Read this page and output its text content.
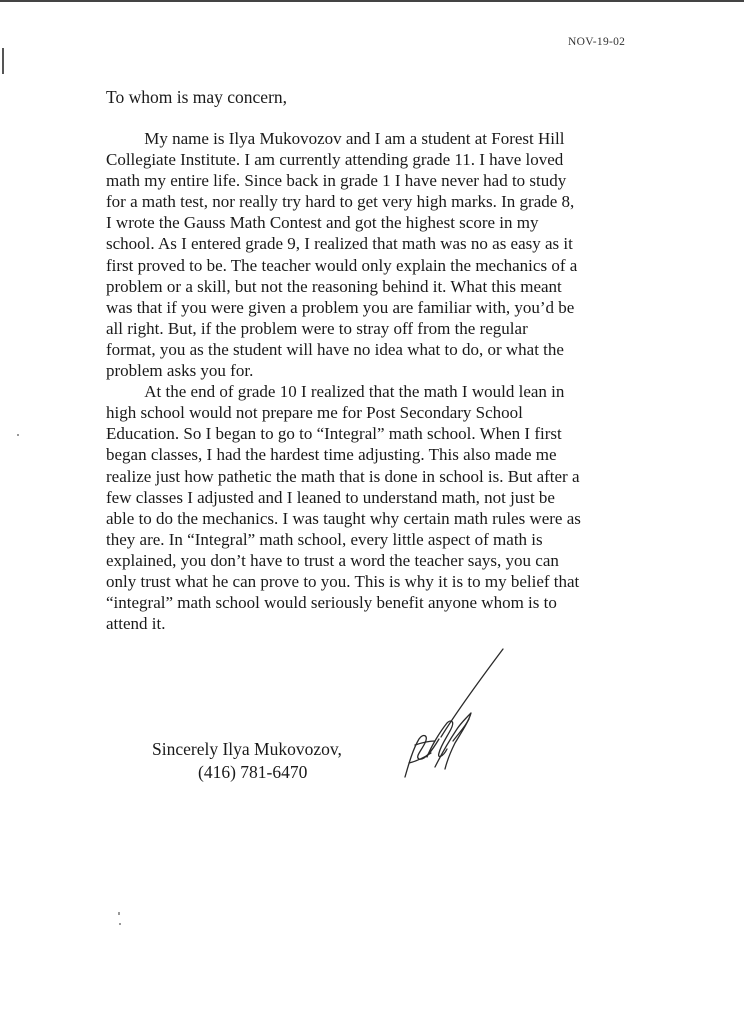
NOV-19-02
To whom is may concern,
My name is Ilya Mukovozov and I am a student at Forest Hill
Collegiate Institute. I am currently attending grade 11. I have loved
math my entire life. Since back in grade 1 I have never had to study
for a math test, nor really try hard to get very high marks. In grade 8,
I wrote the Gauss Math Contest and got the highest score in my
school. As I entered grade 9, I realized that math was no as easy as it
first proved to be. The teacher would only explain the mechanics of a
problem or a skill, but not the reasoning behind it. What this meant
was that if you were given a problem you are familiar with, you’d be
all right. But, if the problem were to stray off from the regular
format, you as the student will have no idea what to do, or what the
problem asks you for.
At the end of grade 10 I realized that the math I would lean in
high school would not prepare me for Post Secondary School
Education. So I began to go to “Integral” math school. When I first
began classes, I had the hardest time adjusting. This also made me
realize just how pathetic the math that is done in school is. But after a
few classes I adjusted and I leaned to understand math, not just be
able to do the mechanics. I was taught why certain math rules were as
they are. In “Integral” math school, every little aspect of math is
explained, you don’t have to trust a word the teacher says, you can
only trust what he can prove to you. This is why it is to my belief that
“integral” math school would seriously benefit anyone whom is to
attend it.
Sincerely Ilya Mukovozov,
(416) 781-6470
